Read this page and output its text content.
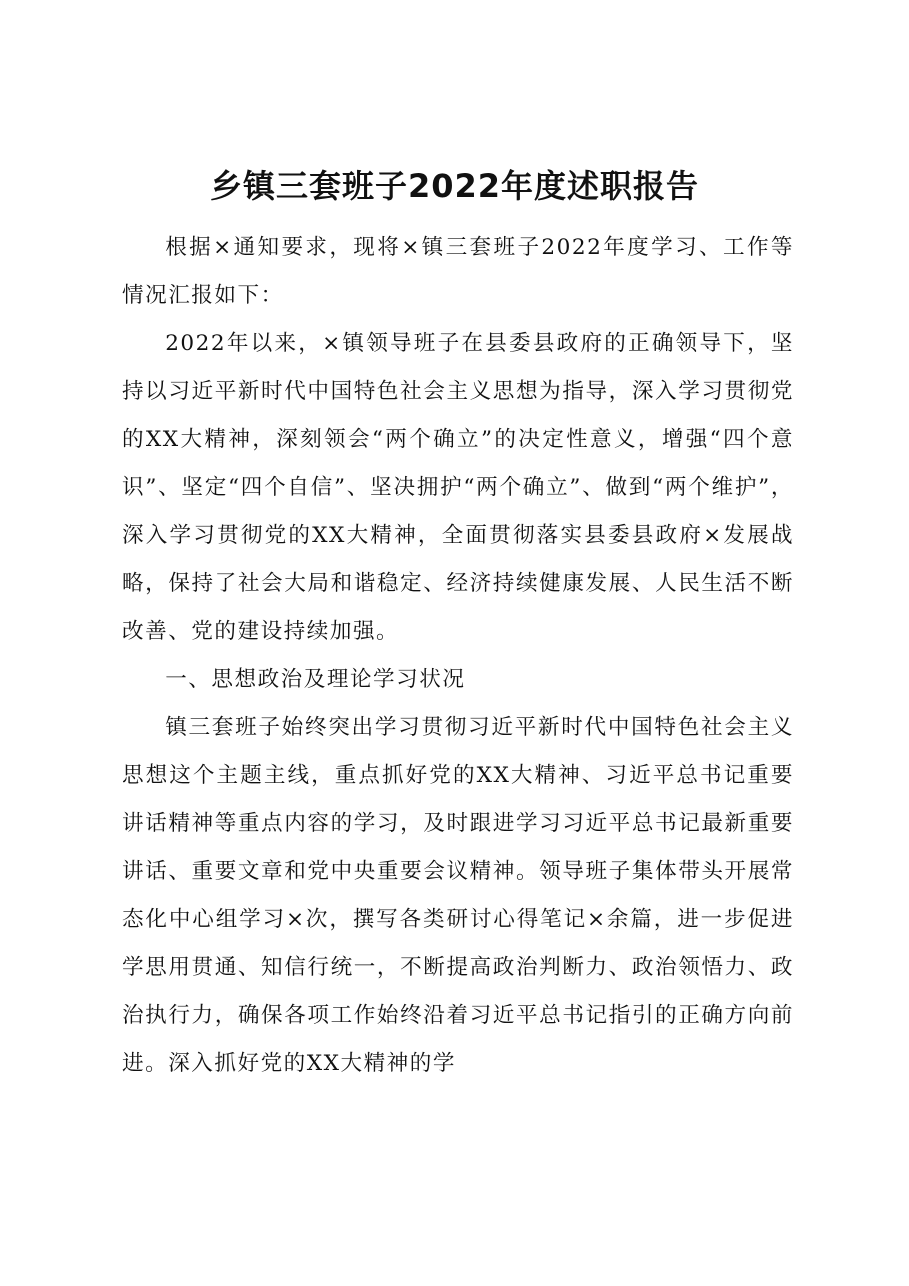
乡镇三套班子2022年度述职报告

根据×通知要求，现将×镇三套班子2022年度学习、工作等情况汇报如下：

2022年以来，×镇领导班子在县委县政府的正确领导下，坚持以习近平新时代中国特色社会主义思想为指导，深入学习贯彻党的XX大精神，深刻领会“两个确立”的决定性意义，增强“四个意识”、坚定“四个自信”、坚决拥护“两个确立”、做到“两个维护”，深入学习贯彻党的XX大精神，全面贯彻落实县委县政府×发展战略，保持了社会大局和谐稳定、经济持续健康发展、人民生活不断改善、党的建设持续加强。

一、思想政治及理论学习状况

镇三套班子始终突出学习贯彻习近平新时代中国特色社会主义思想这个主题主线，重点抓好党的XX大精神、习近平总书记重要讲话精神等重点内容的学习，及时跟进学习习近平总书记最新重要讲话、重要文章和党中央重要会议精神。领导班子集体带头开展常态化中心组学习×次，撰写各类研讨心得笔记×余篇，进一步促进学思用贯通、知信行统一，不断提高政治判断力、政治领悟力、政治执行力，确保各项工作始终沿着习近平总书记指引的正确方向前进。深入抓好党的XX大精神的学
